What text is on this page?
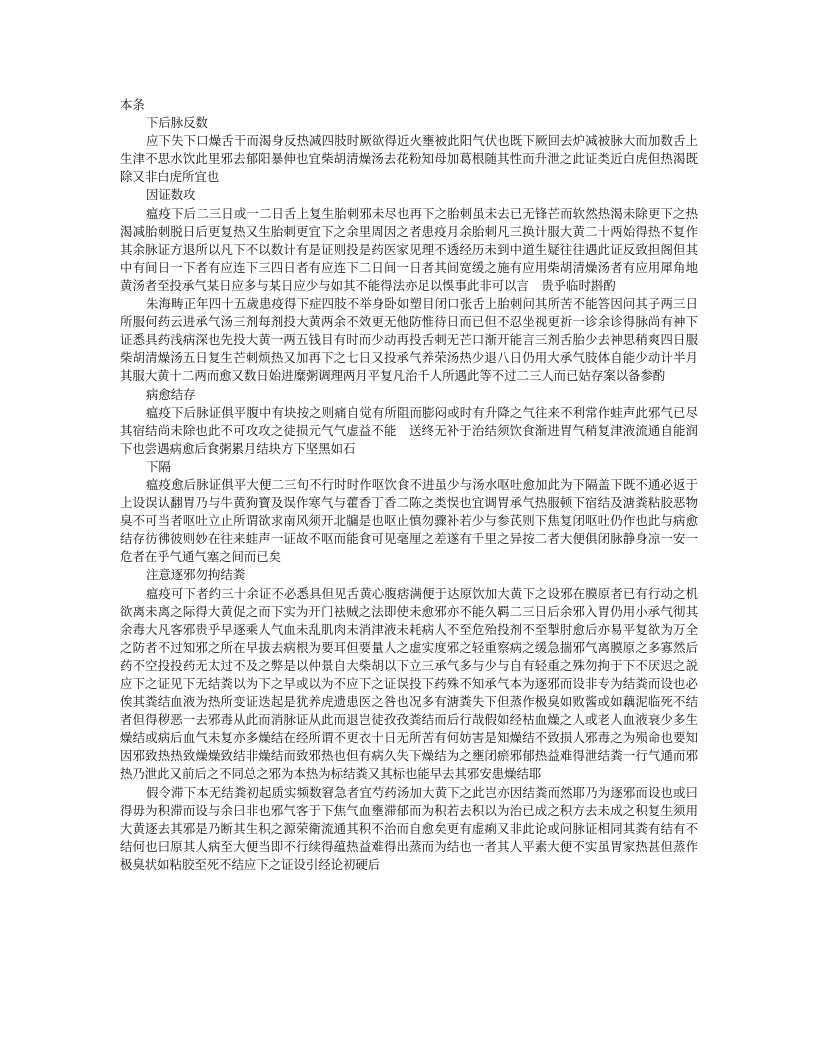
本条

下后脉反数

应下失下口燥舌干而渴身反热减四肢时厥欲得近火壅被此阳气伏也既下厥回去炉减被脉大而加数舌上生津不思水饮此里邪去郁阳暴伸也宜柴胡清燥汤去花粉知母加葛根随其性而升泄之此证类近白虎但热渴既除又非白虎所宜也

因证数攻

瘟疫下后二三日或一二日舌上复生胎刺邪未尽也再下之胎刺虽未去已无锋芒而软然热渴未除更下之热渴减胎刺脱日后更复热又生胎刺更宜下之余里周因之者患疫月余胎刺凡三换计服大黄二十两始得热不复作其余脉证方退所以凡下不以数计有是证则投是药医家见理不透经历未到中道生疑往往遇此证反致担阁但其中有间日一下者有应连下三四日者有应连下二日间一日者其间宽缓之施有应用柴胡清燥汤者有应用犀角地黄汤者至投承气某日应多与某日应少与如其不能得法亦足以悞事此非可以言　贵乎临时斟酌

朱海畴正年四十五歲患疫得下症四肢不举身卧如塑目闭口张舌上胎刺问其所苦不能答因问其子两三日所服何药云进承气汤三剂每剂投大黄两余不效更无他防惟待日而已但不忍坐视更祈一诊余诊得脉尚有神下证悉具药浅病深也先投大黄一两五钱目有时而少动再投舌刺无芒口渐开能言三剂舌胎少去神思稍爽四日服柴胡清燥汤五日复生芒刺烦热又加再下之七日又投承气养荣汤热少退八日仍用大承气肢体自能少动计半月其服大黄十二两而愈又数日始进糜粥调理两月平复凡治千人所遇此等不过二三人而已姑存案以备参酌

病愈结存

瘟疫下后脉证俱平腹中有块按之则痛自觉有所阻而膨闷或时有升降之气往来不利常作蛙声此邪气已尽其宿结尚未除也此不可攻攻之徒损元气气虚益不能　送终无补于治结须饮食渐进胃气稍复津液流通自能润下也尝遇病愈后食粥累月结块方下坚黑如石

下隔

瘟疫愈后脉证俱平大便二三旬不行时时作呕饮食不进虽少与汤水呕吐愈加此为下隔盖下既不通必返于上设误认翻胃乃与牛黄狗寶及误作寒气与藿香丁香二陈之类悮也宜调胃承气热服顿下宿结及溏粪粘胶恶物臭不可当者呕吐立止所谓欲求南风须开北牖是也呕止慎勿骤补若少与参芪则下焦复闭呕吐仍作也此与病愈结存彷彿彼则妙在往来蛙声一证故不呕而能食可见毫厘之差遂有千里之异按二者大便俱闭脉静身凉一安一危者在乎气通气塞之间而已矣

注意逐邪勿拘结粪

瘟疫可下者约三十余证不必悉具但见舌黄心腹痞满便于达原饮加大黄下之设邪在膜原者已有行动之机欲离未离之际得大黄促之而下实为开门袪贼之法即使未愈邪亦不能久羁二三日后余邪入胃仍用小承气彻其余毒大凡客邪贵乎早逐乘人气血未乱肌肉未消津液未耗病人不至危殆投剂不至掣肘愈后亦易平复欲为万全之防者不过知邪之所在早拔去病根为要耳但要量人之虚实度邪之轻重察病之缓急揣邪气离膜原之多寡然后药不空投投药无太过不及之弊是以仲景自大柴胡以下立三承气多与少与自有轻重之殊勿拘于下不厌迟之説　应下之证见下无结粪以为下之早或以为不应下之证误投下药殊不知承气本为逐邪而设非专为结粪而设也必俟其粪结血液为热所变证迭起是犹养虎遗患医之咎也况多有溏粪失下但蒸作极臭如败酱或如藕泥临死不结者但得秽恶一去邪毒从此而消脉证从此而退岂徒孜孜粪结而后行哉假如经枯血燥之人或老人血液衰少多生燥结或病后血气未复亦多燥结在经所谓不更衣十日无所苦有何妨害是知燥结不致损人邪毒之为殒命也要知因邪致热热致燥燥致结非燥结而致邪热也但有病久失下燥结为之壅闭瘀邪郁热益难得泄结粪一行气通而邪热乃泄此又前后之不同总之邪为本热为标结粪又其标也能早去其邪安患燥结耶

假令滞下本无结粪初起质实频数窘急者宜芍药汤加大黄下之此岂亦因结粪而然耶乃为逐邪而设也或曰得毋为积滞而设与余曰非也邪气客于下焦气血壅滞郁而为积若去积以为治已成之积方去未成之积复生须用大黄逐去其邪是乃断其生积之源荣衛流通其积不治而自愈矣更有虚痢又非此论或问脉证相同其粪有结有不结何也曰原其人病至大便当即不行续得蕴热益难得出蒸而为结也一者其人平素大便不实虽胃家热甚但蒸作极臭状如粘胶至死不结应下之证设引经论初硬后
